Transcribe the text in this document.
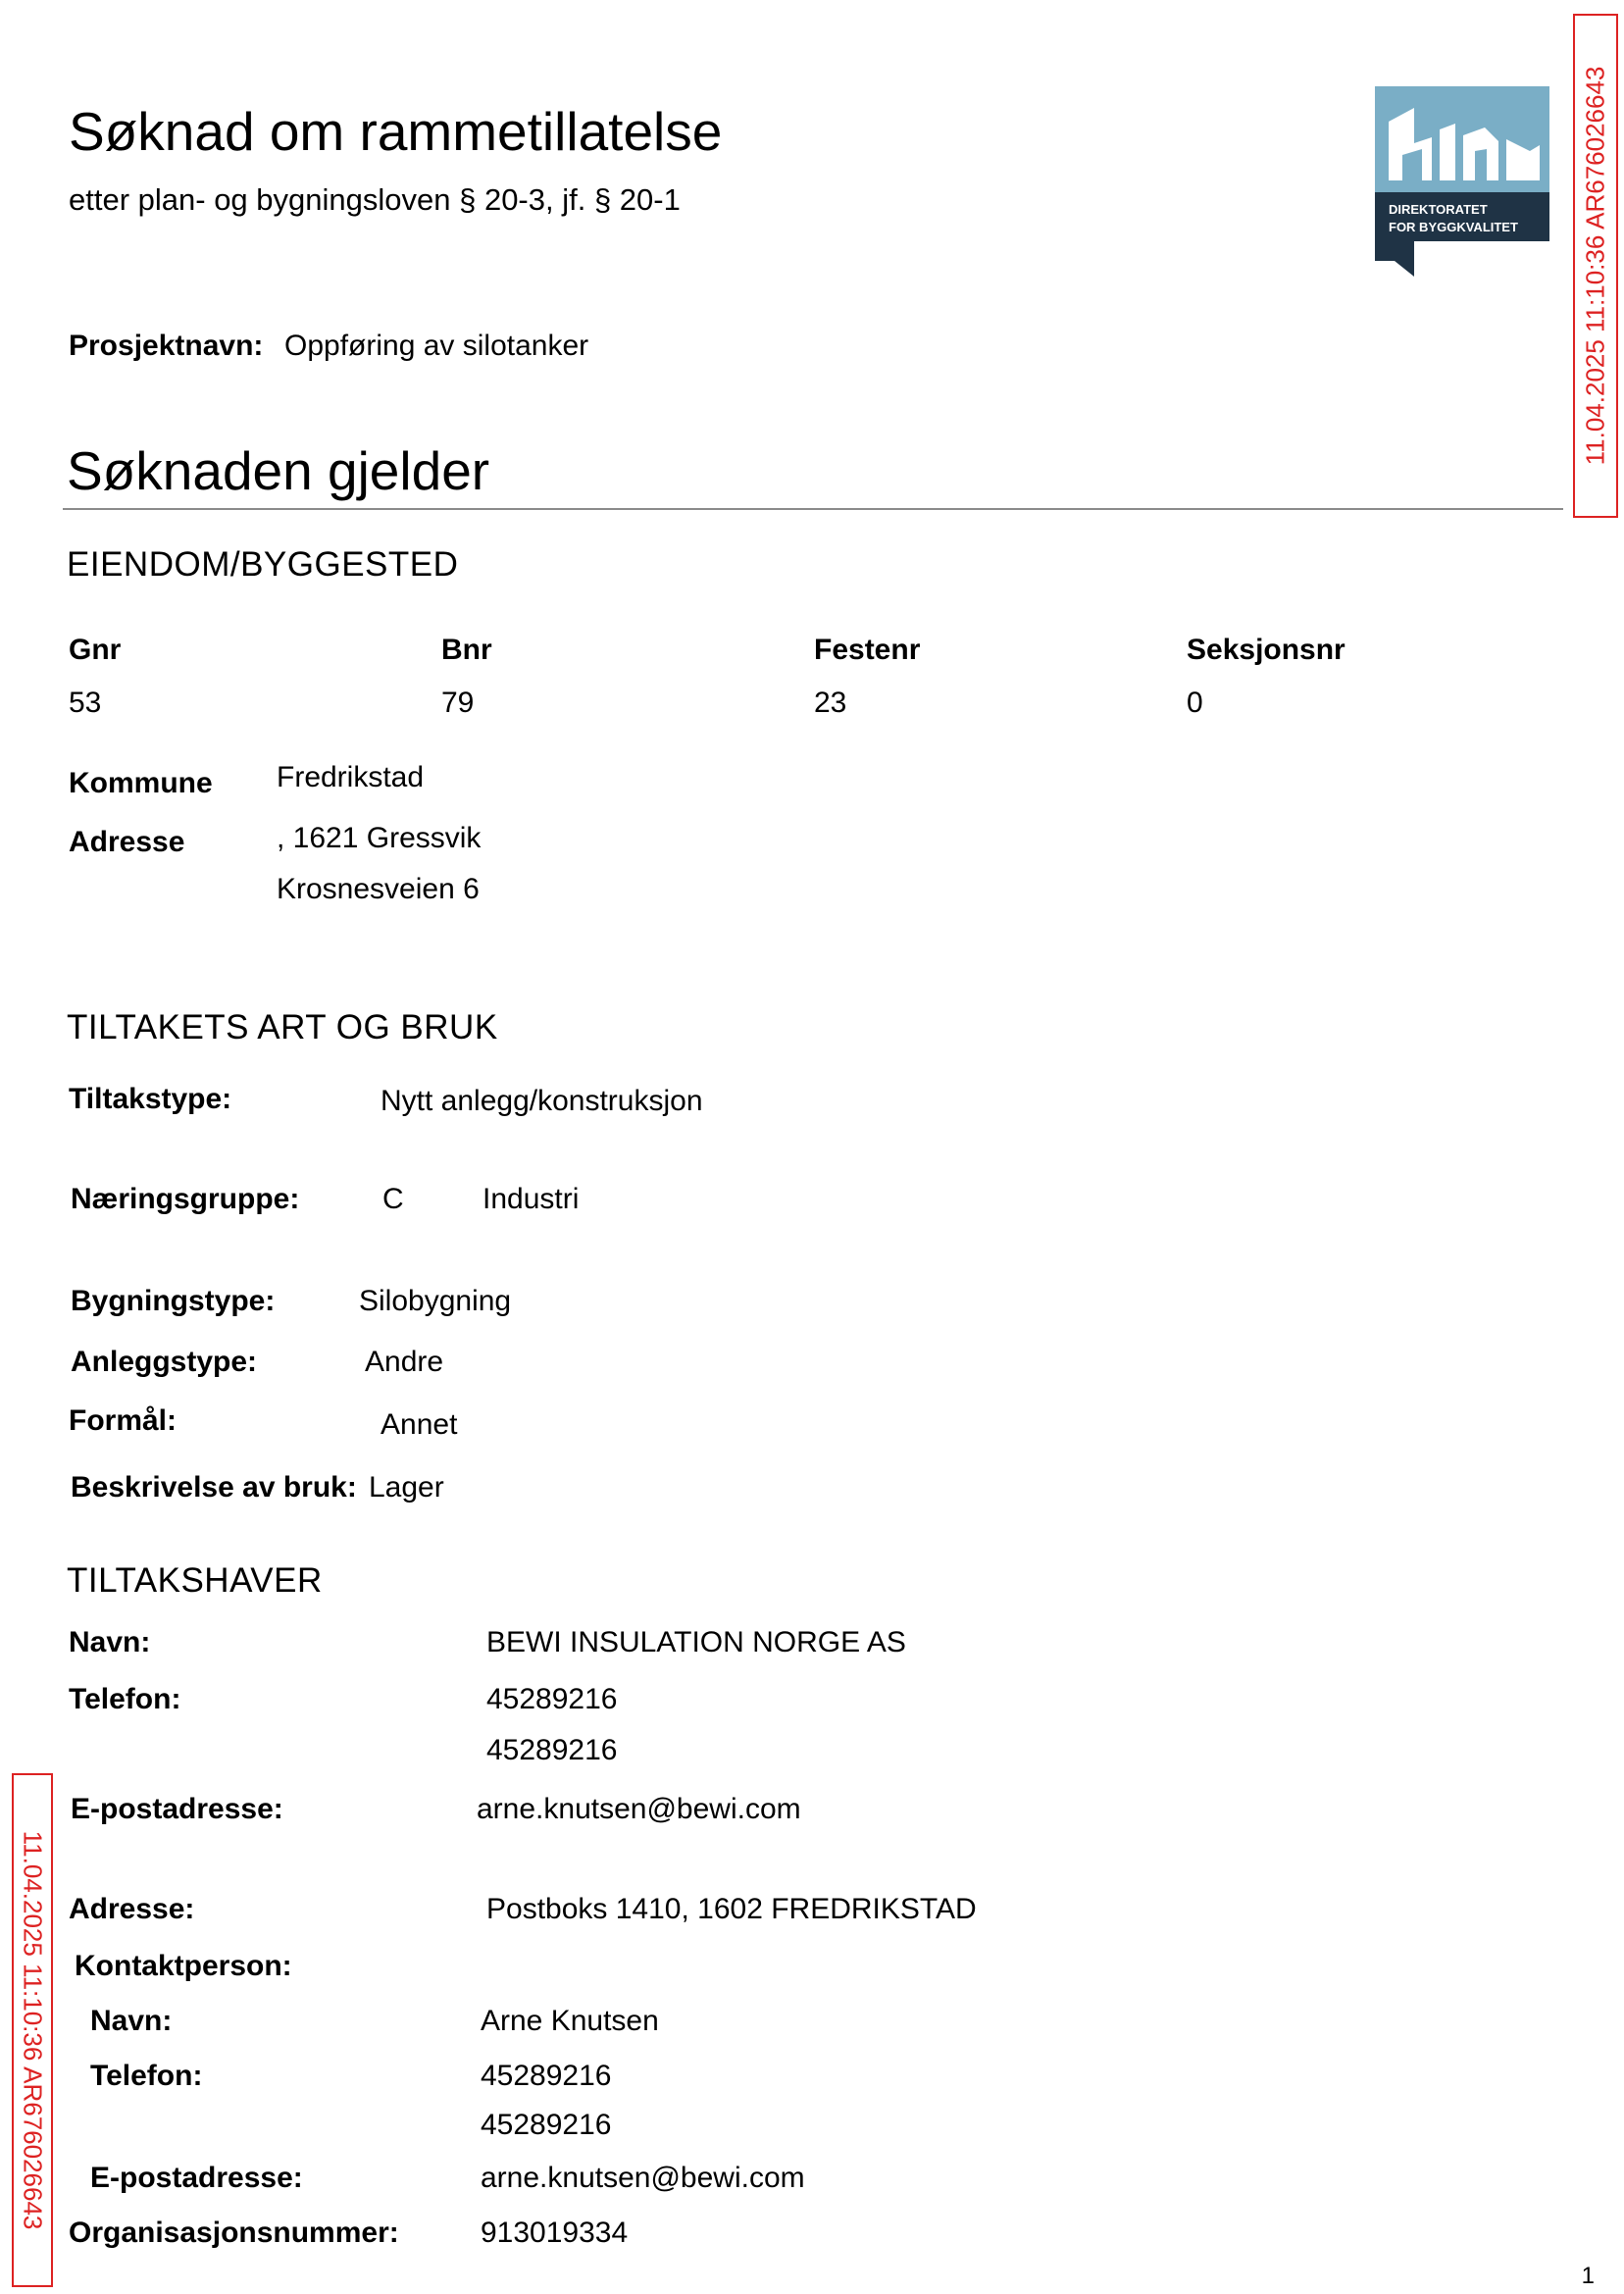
Søknad om rammetillatelse
etter plan- og bygningsloven § 20-3, jf. § 20-1	DIREKTORATET
FOR BYGGKVALITET 11.04.2025 11:10:36 AR676026643
11.04.2025 11:10:36 AR676026643
Prosjektnavn: Oppføring av silotanker
Søknaden gjelder
EIENDOM/BYGGESTED
Gnr	Bnr	Festenr	Seksjonsnr
53	79	23	0
Kommune Fredrikstad
Adresse	, 1621 Gressvik
Krosnesveien 6
TILTAKETS ART OG BRUK
Tiltakstype:	Nytt anlegg/konstruksjon
Næringsgruppe:	C	Industri
Bygningstype:	Silobygning
Anleggstype:	Andre
Formål:	Annet
Beskrivelse av bruk: Lager
TILTAKSHAVER
Navn:	BEWI INSULATION NORGE AS
Telefon:	45289216
45289216
E-postadresse:	arne.knutsen@bewi.com
Adresse:	Postboks 1410, 1602 FREDRIKSTAD
Kontaktperson:
Navn:	Arne Knutsen
Telefon:	45289216
45289216
E-postadresse:	arne.knutsen@bewi.com
Organisasjonsnummer:	913019334
1
